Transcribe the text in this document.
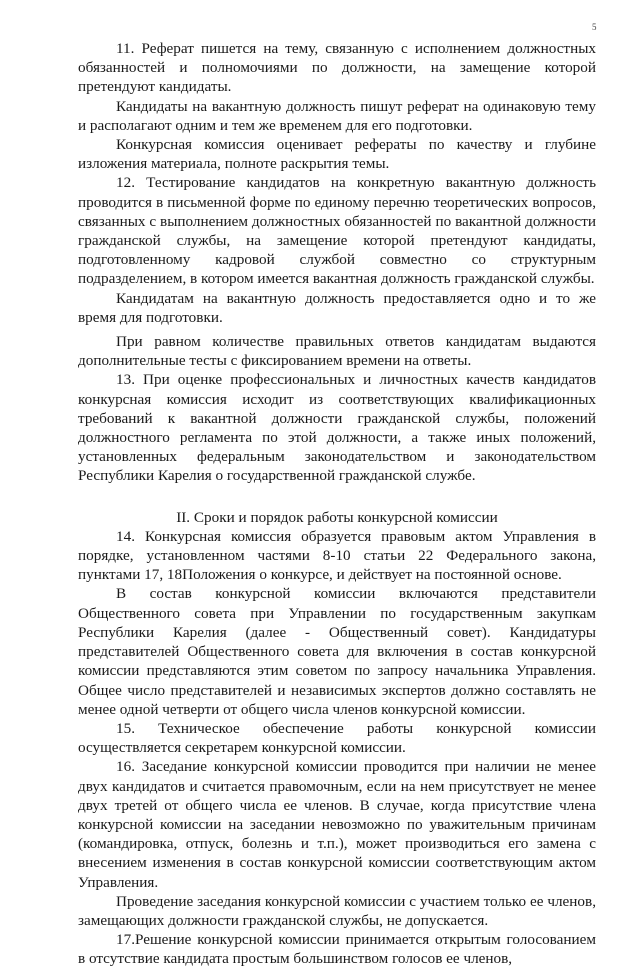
5

11. Реферат пишется на тему, связанную с исполнением должностных обязанностей и полномочиями по должности, на замещение которой претендуют кандидаты.

Кандидаты на вакантную должность пишут реферат на одинаковую тему и располагают одним и тем же временем для его подготовки.

Конкурсная комиссия оценивает рефераты по качеству и глубине изложения материала, полноте раскрытия темы.

12. Тестирование кандидатов на конкретную вакантную должность проводится в письменной форме по единому перечню теоретических вопросов, связанных с выполнением должностных обязанностей по вакантной должности гражданской службы, на замещение которой претендуют кандидаты, подготовленному кадровой службой совместно со структурным подразделением, в котором имеется вакантная должность гражданской службы.

Кандидатам на вакантную должность предоставляется одно и то же время для подготовки.

При равном количестве правильных ответов кандидатам выдаются дополнительные тесты с фиксированием времени на ответы.

13. При оценке профессиональных и личностных качеств кандидатов конкурсная комиссия исходит из соответствующих квалификационных требований к вакантной должности гражданской службы, положений должностного регламента по этой должности, а также иных положений, установленных федеральным законодательством и законодательством Республики Карелия о государственной гражданской службе.

II. Сроки и порядок работы конкурсной комиссии

14. Конкурсная комиссия образуется правовым актом Управления в порядке, установленном частями 8-10 статьи 22 Федерального закона, пунктами 17, 18Положения о конкурсе, и действует на постоянной основе.

В состав конкурсной комиссии включаются представители Общественного совета при Управлении по государственным закупкам Республики Карелия (далее - Общественный совет). Кандидатуры представителей Общественного совета для включения в состав конкурсной комиссии представляются этим советом по запросу начальника Управления. Общее число представителей и независимых экспертов должно составлять не менее одной четверти от общего числа членов конкурсной комиссии.

15. Техническое обеспечение работы конкурсной комиссии осуществляется секретарем конкурсной комиссии.

16. Заседание конкурсной комиссии проводится при наличии не менее двух кандидатов и считается правомочным, если на нем присутствует не менее двух третей от общего числа ее членов. В случае, когда присутствие члена конкурсной комиссии на заседании невозможно по уважительным причинам (командировка, отпуск, болезнь и т.п.), может производиться его замена с внесением изменения в состав конкурсной комиссии соответствующим актом Управления.

Проведение заседания конкурсной комиссии с участием только ее членов, замещающих должности гражданской службы, не допускается.

17.Решение конкурсной комиссии принимается открытым голосованием в отсутствие кандидата простым большинством голосов ее членов,
